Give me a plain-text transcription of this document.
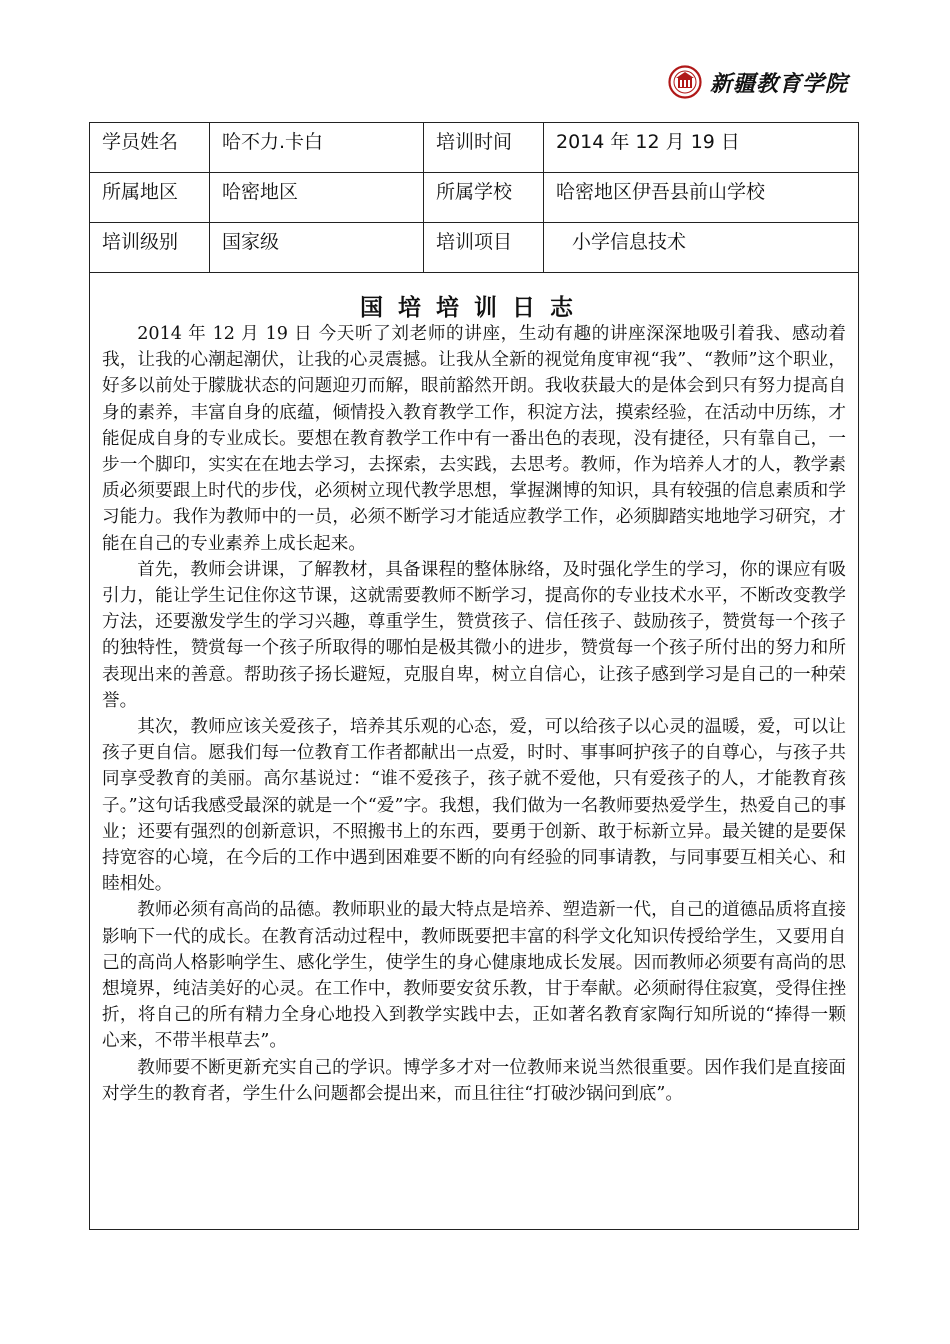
新疆教育学院
学员姓名	哈不力.卡白	培训时间	2014 年 12 月 19 日
所属地区	哈密地区	所属学校	哈密地区伊吾县前山学校
培训级别	国家级	培训项目	小学信息技术
国培培训日志

2014 年 12 月 19 日 今天听了刘老师的讲座，生动有趣的讲座深深地吸引着我、感动着我，让我的心潮起潮伏，让我的心灵震撼。让我从全新的视觉角度审视“我”、“教师”这个职业，好多以前处于朦胧状态的问题迎刃而解，眼前豁然开朗。我收获最大的是体会到只有努力提高自身的素养，丰富自身的底蕴，倾情投入教育教学工作，积淀方法，摸索经验，在活动中历练，才能促成自身的专业成长。要想在教育教学工作中有一番出色的表现，没有捷径，只有靠自己，一步一个脚印，实实在在地去学习，去探索，去实践，去思考。教师，作为培养人才的人，教学素质必须要跟上时代的步伐，必须树立现代教学思想，掌握渊博的知识，具有较强的信息素质和学习能力。我作为教师中的一员，必须不断学习才能适应教学工作，必须脚踏实地地学习研究，才能在自己的专业素养上成长起来。

首先，教师会讲课，了解教材，具备课程的整体脉络，及时强化学生的学习，你的课应有吸引力，能让学生记住你这节课，这就需要教师不断学习，提高你的专业技术水平，不断改变教学方法，还要激发学生的学习兴趣，尊重学生，赞赏孩子、信任孩子、鼓励孩子，赞赏每一个孩子的独特性，赞赏每一个孩子所取得的哪怕是极其微小的进步，赞赏每一个孩子所付出的努力和所表现出来的善意。帮助孩子扬长避短，克服自卑，树立自信心，让孩子感到学习是自己的一种荣誉。

其次，教师应该关爱孩子，培养其乐观的心态，爱，可以给孩子以心灵的温暖，爱，可以让孩子更自信。愿我们每一位教育工作者都献出一点爱，时时、事事呵护孩子的自尊心，与孩子共同享受教育的美丽。高尔基说过：“谁不爱孩子，孩子就不爱他，只有爱孩子的人，才能教育孩子。”这句话我感受最深的就是一个“爱”字。我想，我们做为一名教师要热爱学生，热爱自己的事业；还要有强烈的创新意识，不照搬书上的东西，要勇于创新、敢于标新立异。最关键的是要保持宽容的心境，在今后的工作中遇到困难要不断的向有经验的同事请教，与同事要互相关心、和睦相处。

教师必须有高尚的品德。教师职业的最大特点是培养、塑造新一代，自己的道德品质将直接影响下一代的成长。在教育活动过程中，教师既要把丰富的科学文化知识传授给学生，又要用自己的高尚人格影响学生、感化学生，使学生的身心健康地成长发展。因而教师必须要有高尚的思想境界，纯洁美好的心灵。在工作中，教师要安贫乐教，甘于奉献。必须耐得住寂寞，受得住挫折，将自己的所有精力全身心地投入到教学实践中去，正如著名教育家陶行知所说的“捧得一颗心来，不带半根草去”。

教师要不断更新充实自己的学识。博学多才对一位教师来说当然很重要。因作我们是直接面对学生的教育者，学生什么问题都会提出来，而且往往“打破沙锅问到底”。
